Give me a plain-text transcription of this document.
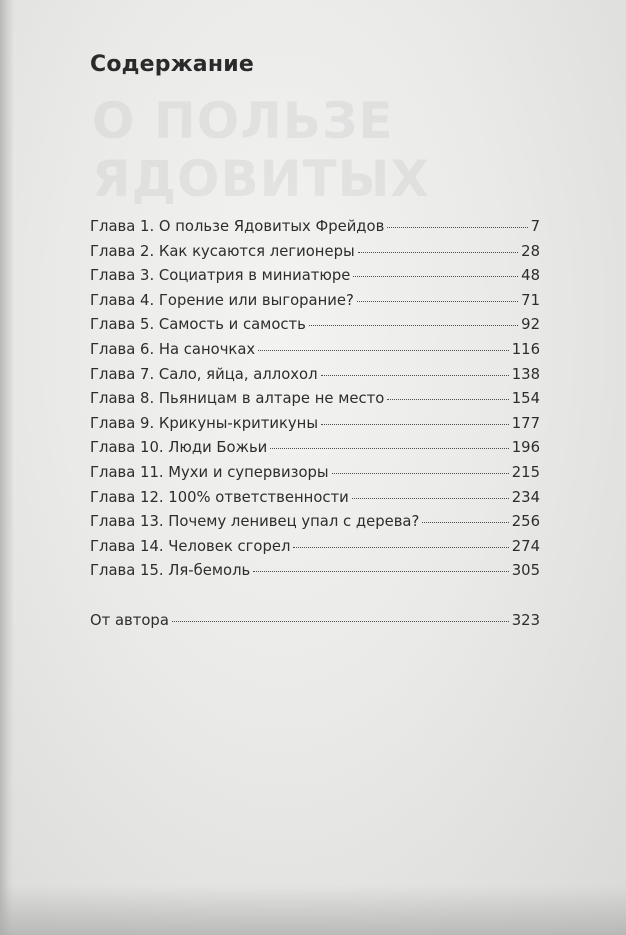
О ПОЛЬЗЕ
ЯДОВИТЫХ
Содержание
Глава 1. О пользе Ядовитых Фрейдов	7
Глава 2. Как кусаются легионеры	28
Глава 3. Социатрия в миниатюре	48
Глава 4. Горение или выгорание?	71
Глава 5. Самость и самость	92
Глава 6. На саночках	116
Глава 7. Сало, яйца, аллохол	138
Глава 8. Пьяницам в алтаре не место	154
Глава 9. Крикуны-критикуны	177
Глава 10. Люди Божьи	196
Глава 11. Мухи и супервизоры	215
Глава 12. 100% ответственности	234
Глава 13. Почему ленивец упал с дерева?	256
Глава 14. Человек сгорел	274
Глава 15. Ля-бемоль	305
От автора	323
